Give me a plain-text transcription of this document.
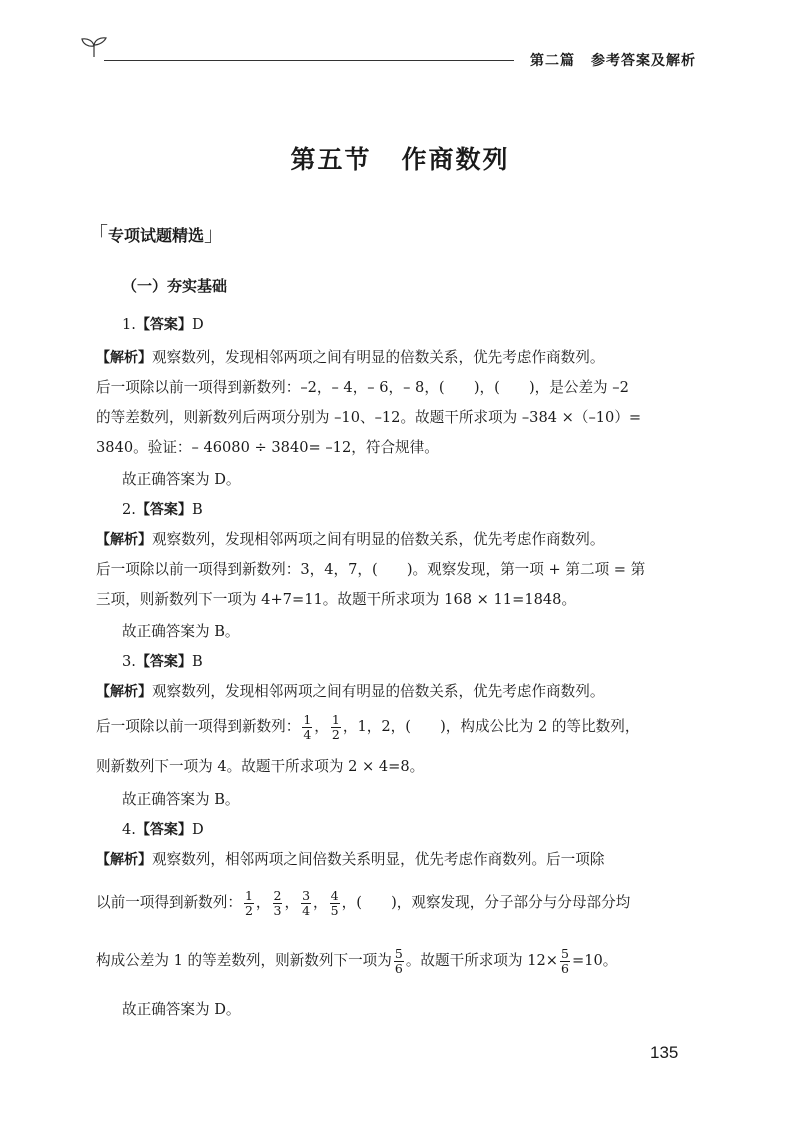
第二篇 参考答案及解析
第五节 作商数列
「专项试题精选」
（一）夯实基础
1.【答案】D
【解析】观察数列，发现相邻两项之间有明显的倍数关系，优先考虑作商数列。
后一项除以前一项得到新数列：–2，– 4，– 6，– 8，(　　)，(　　)，是公差为 –2
的等差数列，则新数列后两项分别为 –10、–12。故题干所求项为 –384 ×（–10）=
3840。验证：– 46080 ÷ 3840= –12，符合规律。
故正确答案为 D。
2.【答案】B
【解析】观察数列，发现相邻两项之间有明显的倍数关系，优先考虑作商数列。
后一项除以前一项得到新数列：3，4，7，(　　)。观察发现，第一项 + 第二项 = 第
三项，则新数列下一项为 4+7=11。故题干所求项为 168 × 11=1848。
故正确答案为 B。
3.【答案】B
【解析】观察数列，发现相邻两项之间有明显的倍数关系，优先考虑作商数列。
后一项除以前一项得到新数列： $\frac{1}{4}$ ， $\frac{1}{2}$ ，1，2，(　　)，构成公比为 2 的等比数列，
则新数列下一项为 4。故题干所求项为 2 × 4=8。
故正确答案为 B。
4.【答案】D
【解析】观察数列，相邻两项之间倍数关系明显，优先考虑作商数列。后一项除
以前一项得到新数列： $\frac{1}{2}$ ， $\frac{2}{3}$ ， $\frac{3}{4}$ ， $\frac{4}{5}$ ，(　　)，观察发现，分子部分与分母部分均
构成公差为 1 的等差数列，则新数列下一项为 $\frac{5}{6}$ 。故题干所求项为 $12\times \frac{5}{6} =10$。
故正确答案为 D。
135
